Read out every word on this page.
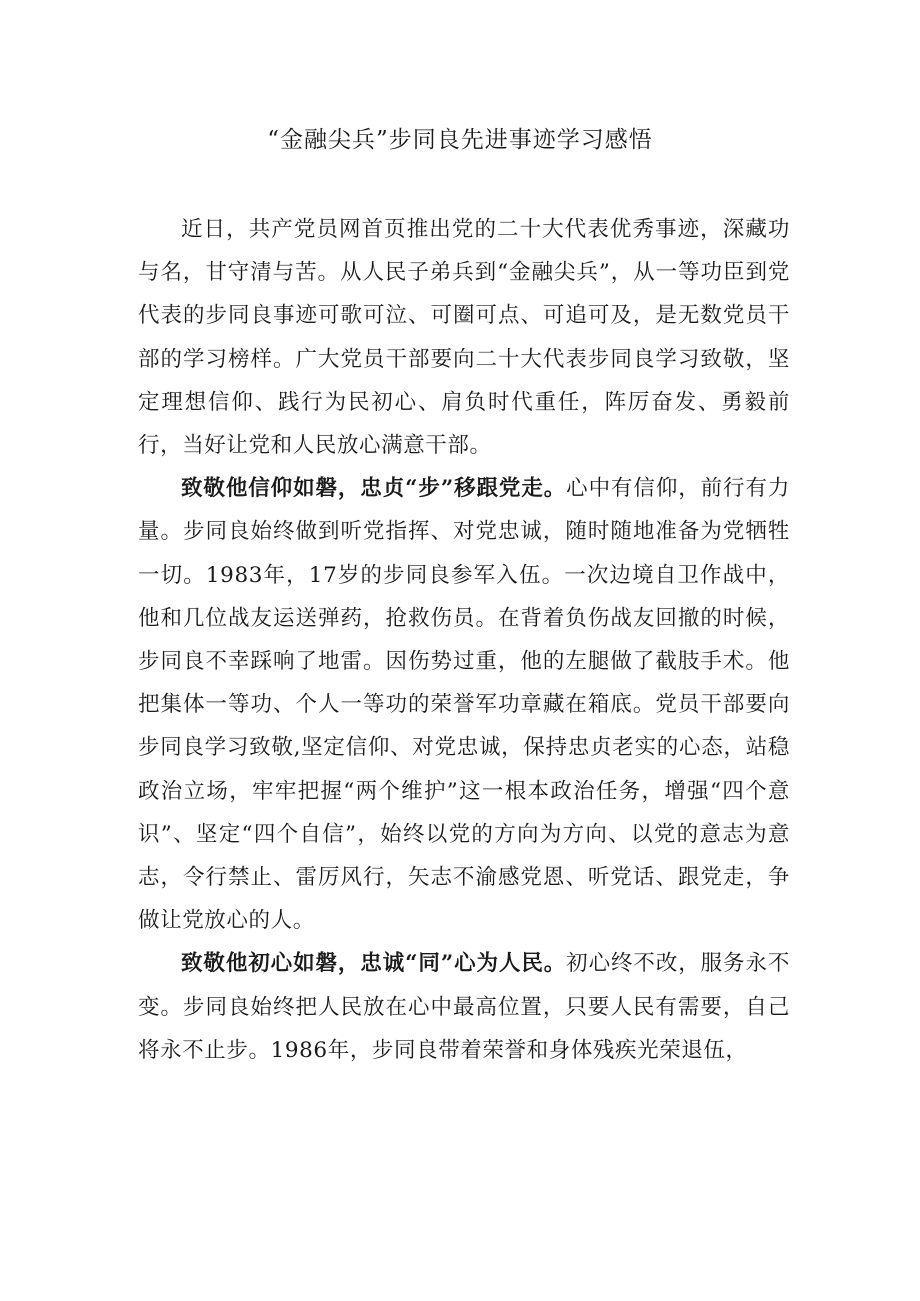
“金融尖兵”步同良先进事迹学习感悟

近日，共产党员网首页推出党的二十大代表优秀事迹，深藏功与名，甘守清与苦。从人民子弟兵到“金融尖兵”，从一等功臣到党代表的步同良事迹可歌可泣、可圈可点、可追可及，是无数党员干部的学习榜样。广大党员干部要向二十大代表步同良学习致敬，坚定理想信仰、践行为民初心、肩负时代重任，阵厉奋发、勇毅前行，当好让党和人民放心满意干部。

致敬他信仰如磐，忠贞“步”移跟党走。心中有信仰，前行有力量。步同良始终做到听党指挥、对党忠诚，随时随地准备为党牺牲一切。1983年，17岁的步同良参军入伍。一次边境自卫作战中，他和几位战友运送弹药，抢救伤员。在背着负伤战友回撤的时候，步同良不幸踩响了地雷。因伤势过重，他的左腿做了截肢手术。他把集体一等功、个人一等功的荣誉军功章藏在箱底。党员干部要向步同良学习致敬,坚定信仰、对党忠诚，保持忠贞老实的心态，站稳政治立场，牢牢把握“两个维护”这一根本政治任务，增强“四个意识”、坚定“四个自信”，始终以党的方向为方向、以党的意志为意志，令行禁止、雷厉风行，矢志不渝感党恩、听党话、跟党走，争做让党放心的人。

致敬他初心如磐，忠诚“同”心为人民。初心终不改，服务永不变。步同良始终把人民放在心中最高位置，只要人民有需要，自己将永不止步。1986年，步同良带着荣誉和身体残疾光荣退伍，
